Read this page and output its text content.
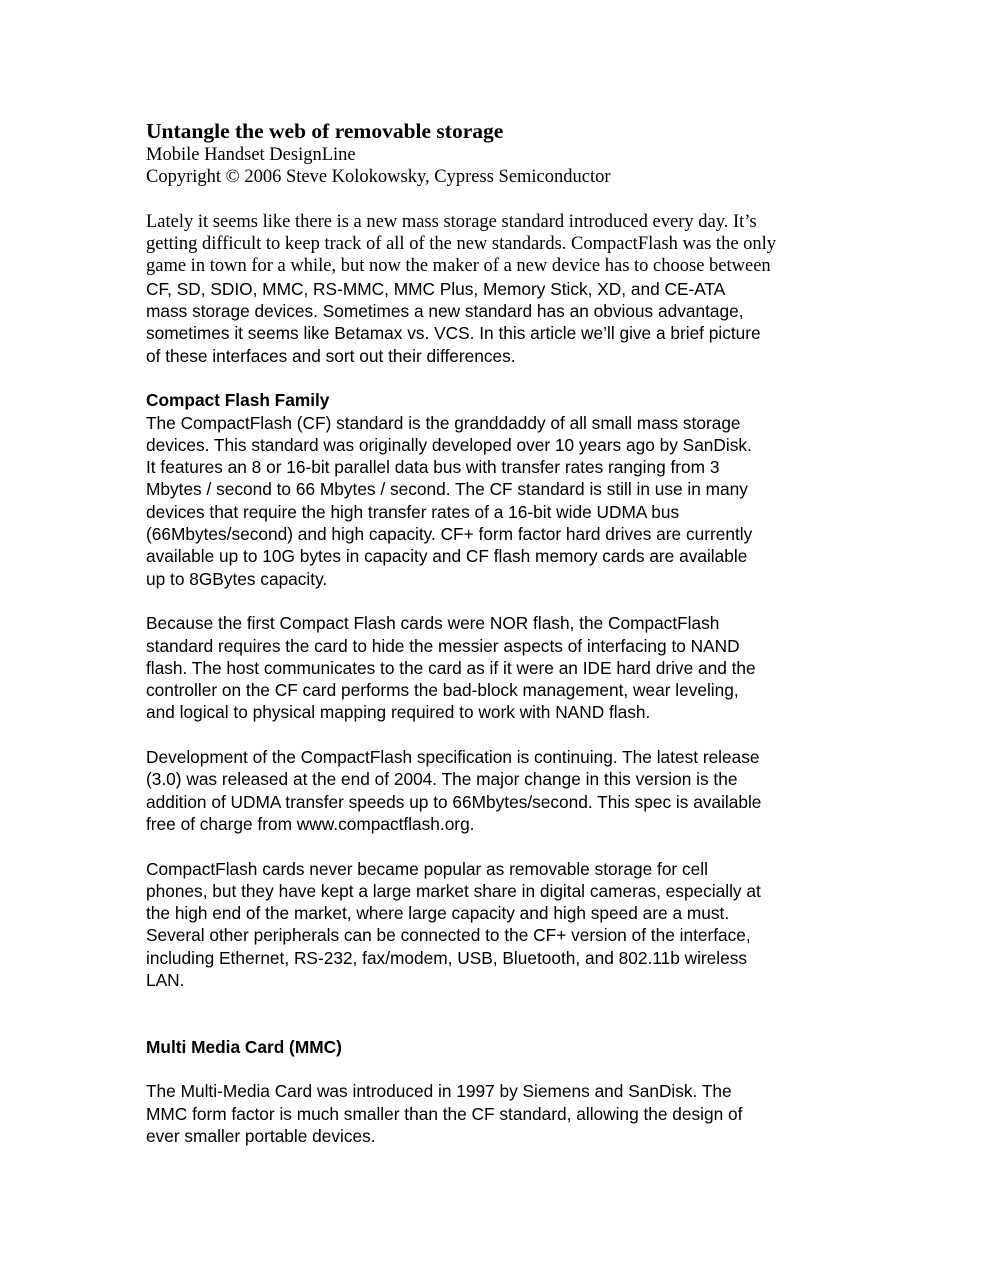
Untangle the web of removable storage
Mobile Handset DesignLine
Copyright © 2006 Steve Kolokowsky, Cypress Semiconductor
Lately it seems like there is a new mass storage standard introduced every day. It’s
getting difficult to keep track of all of the new standards. CompactFlash was the only
game in town for a while, but now the maker of a new device has to choose between
CF, SD, SDIO, MMC, RS-MMC, MMC Plus, Memory Stick, XD, and CE-ATA
mass storage devices. Sometimes a new standard has an obvious advantage,
sometimes it seems like Betamax vs. VCS. In this article we’ll give a brief picture
of these interfaces and sort out their differences.
Compact Flash Family
The CompactFlash (CF) standard is the granddaddy of all small mass storage
devices. This standard was originally developed over 10 years ago by SanDisk.
It features an 8 or 16-bit parallel data bus with transfer rates ranging from 3
Mbytes / second to 66 Mbytes / second. The CF standard is still in use in many
devices that require the high transfer rates of a 16-bit wide UDMA bus
(66Mbytes/second) and high capacity. CF+ form factor hard drives are currently
available up to 10G bytes in capacity and CF flash memory cards are available
up to 8GBytes capacity.
Because the first Compact Flash cards were NOR flash, the CompactFlash
standard requires the card to hide the messier aspects of interfacing to NAND
flash. The host communicates to the card as if it were an IDE hard drive and the
controller on the CF card performs the bad-block management, wear leveling,
and logical to physical mapping required to work with NAND flash.
Development of the CompactFlash specification is continuing. The latest release
(3.0) was released at the end of 2004. The major change in this version is the
addition of UDMA transfer speeds up to 66Mbytes/second. This spec is available
free of charge from www.compactflash.org.
CompactFlash cards never became popular as removable storage for cell
phones, but they have kept a large market share in digital cameras, especially at
the high end of the market, where large capacity and high speed are a must.
Several other peripherals can be connected to the CF+ version of the interface,
including Ethernet, RS-232, fax/modem, USB, Bluetooth, and 802.11b wireless
LAN.
Multi Media Card (MMC)
The Multi-Media Card was introduced in 1997 by Siemens and SanDisk. The
MMC form factor is much smaller than the CF standard, allowing the design of
ever smaller portable devices.
